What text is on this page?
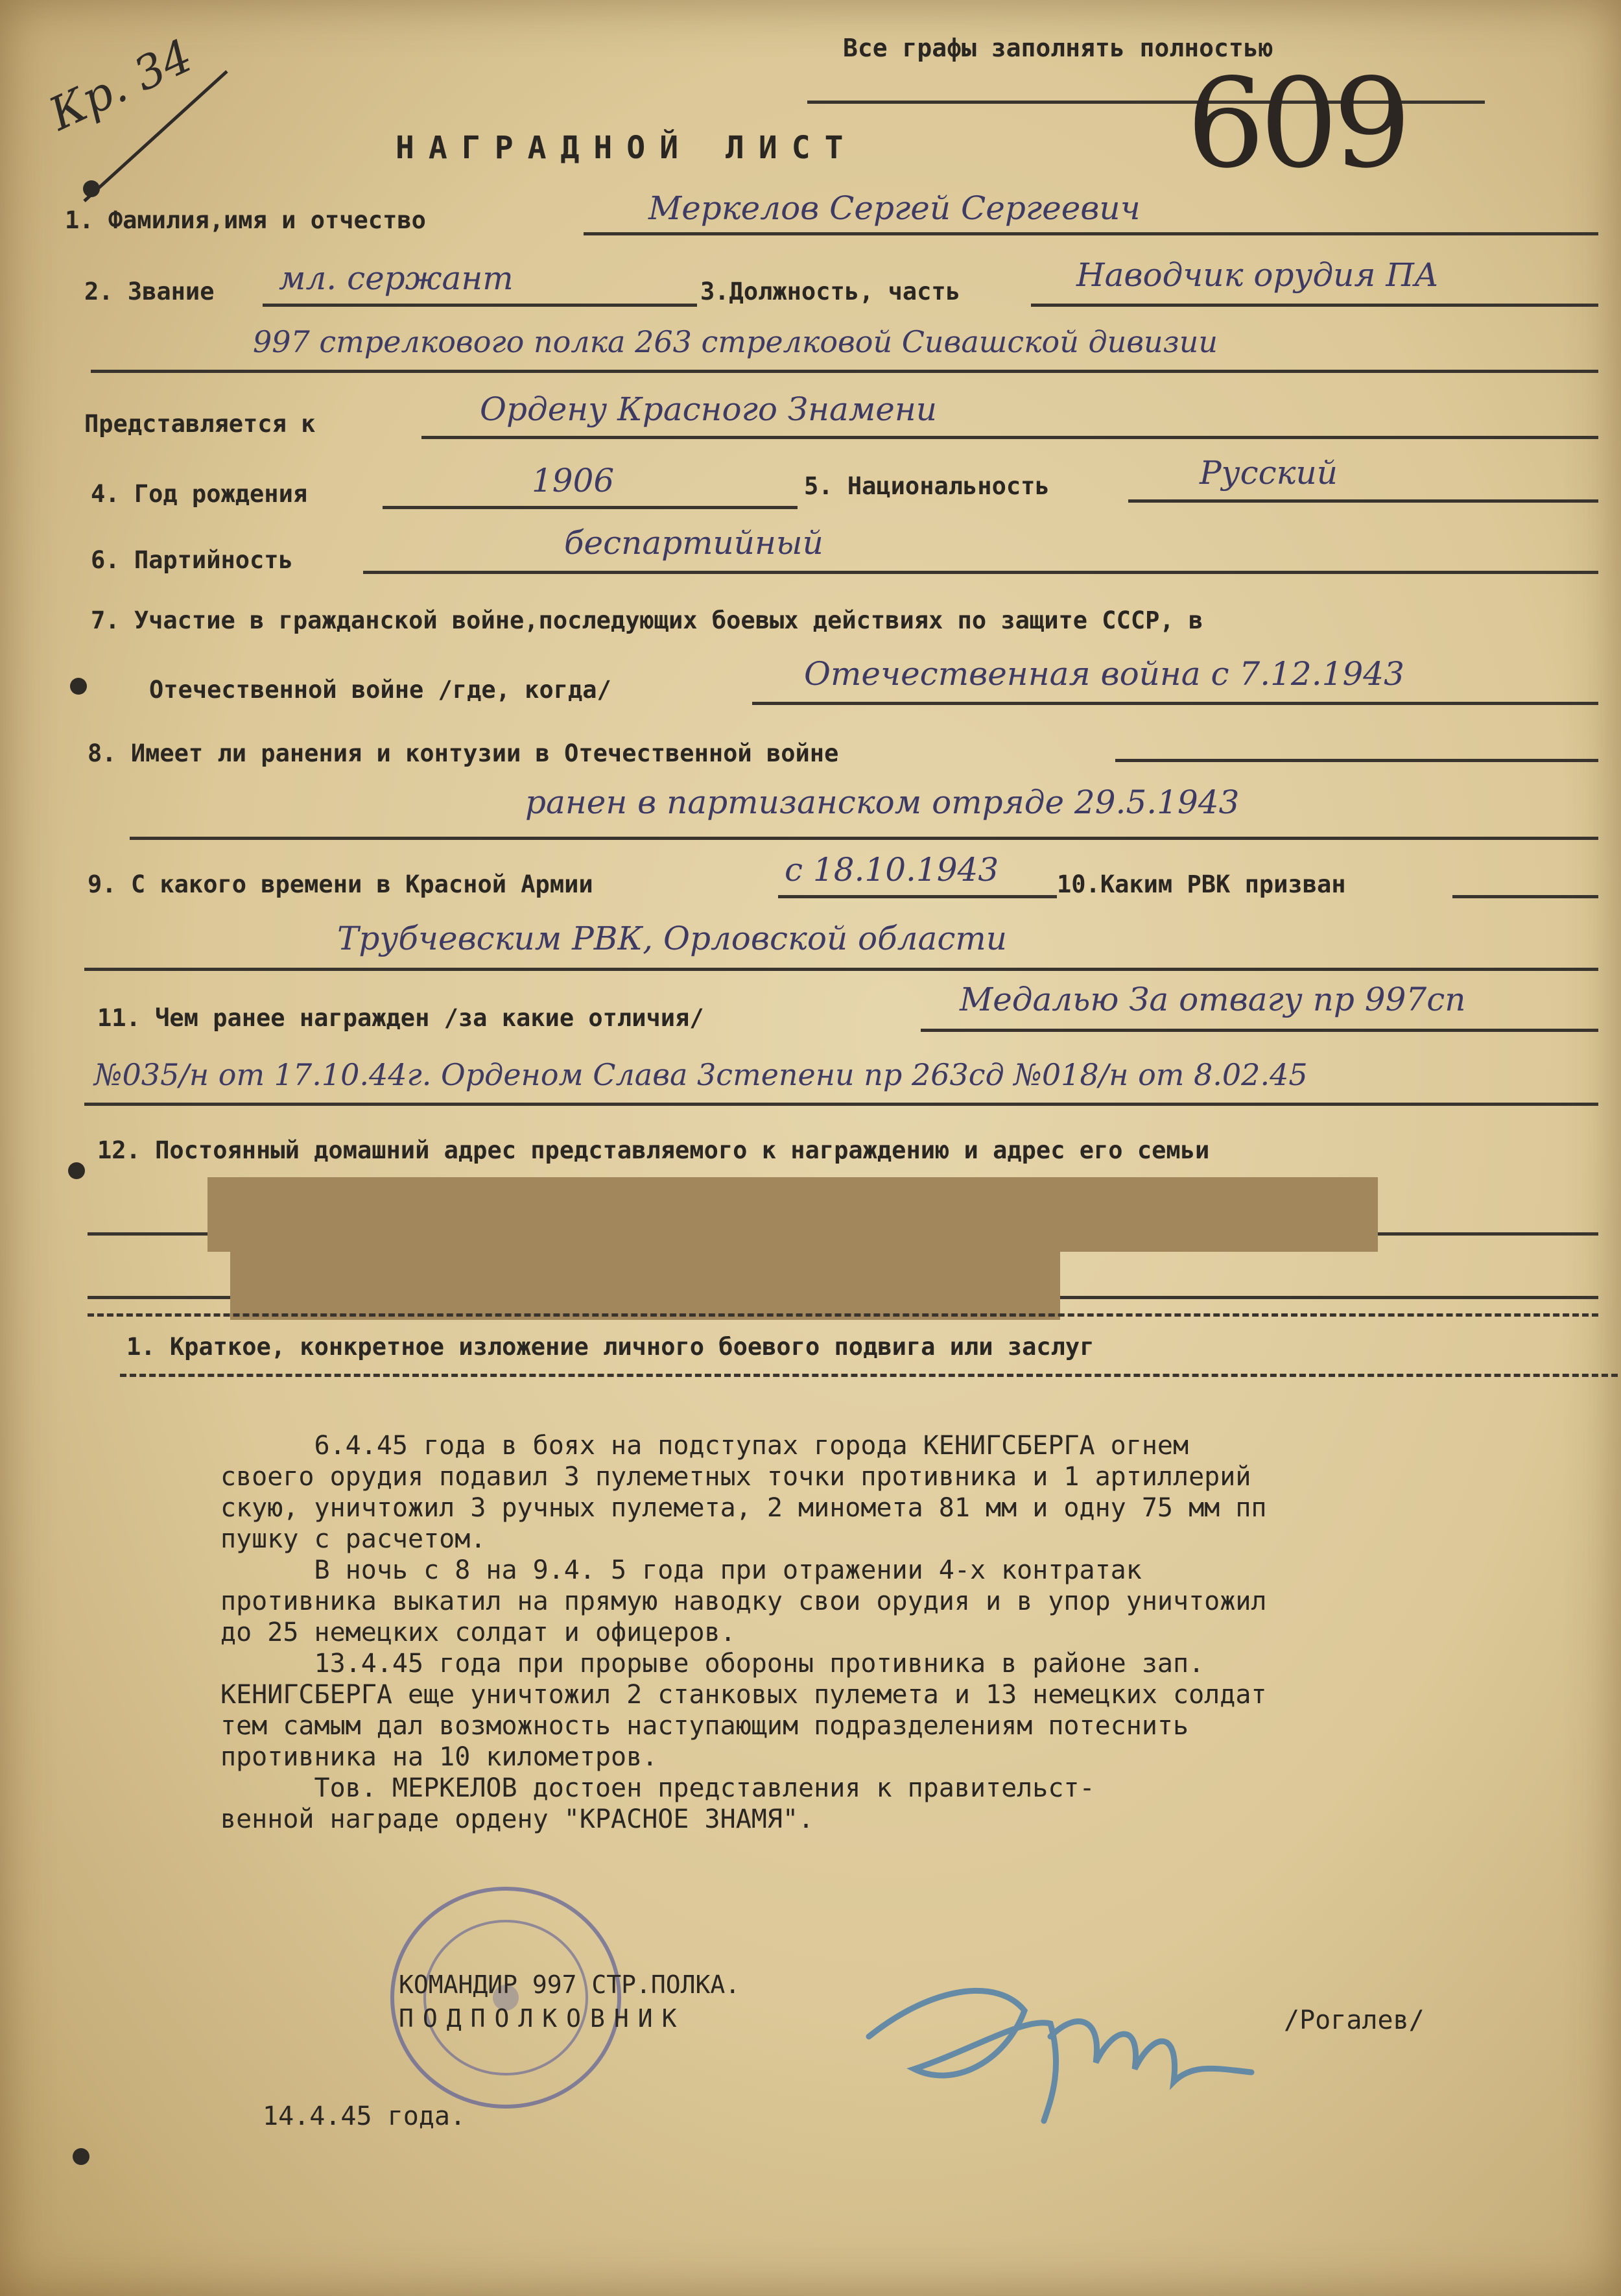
Все графы заполнять полностью
Кр. 34	609
НАГРАДНОЙ ЛИСТ
1. Фамилия,имя и отчество	Меркелов Сергей Сергеевич
2. Звание мл. сержант	3.Должность, часть	Наводчик орудия ПА
997 стрелкового полка 263 стрелковой Сивашской дивизии
Представляется к	Ордену Красного Знамени
4. Год рождения	1906	5. Национальность	Русский
6. Партийность	беспартийный
7. Участие в гражданской войне,последующих боевых действиях по защите СССР, в
Отечественной войне /где, когда/	Отечественная война с 7.12.1943
8. Имеет ли ранения и контузии в Отечественной войне
ранен в партизанском отряде 29.5.1943
9. С какого времени в Красной Армии	с 18.10.1943 10.Каким РВК призван
Трубчевским РВК, Орловской области
11. Чем ранее награжден /за какие отличия/	Медалью За отвагу пр 997сп
№035/н от 17.10.44г. Орденом Слава 3степени пр 263сд №018/н от 8.02.45
12. Постоянный домашний адрес представляемого к награждению и адрес его семьи
1. Краткое, конкретное изложение личного боевого подвига или заслуг
6.4.45 года в боях на подступах города КЕНИГСБЕРГА огнем
своего орудия подавил 3 пулеметных точки противника и 1 артиллерий
скую, уничтожил 3 ручных пулемета, 2 миномета 81 мм и одну 75 мм пп
пушку с расчетом.
В ночь с 8 на 9.4. 5 года при отражении 4-х контратак
противника выкатил на прямую наводку свои орудия и в упор уничтожил
до 25 немецких солдат и офицеров.
13.4.45 года при прорыве обороны противника в районе зап.
КЕНИГСБЕРГА еще уничтожил 2 станковых пулемета и 13 немецких солдат
тем самым дал возможность наступающим подразделениям потеснить
противника на 10 километров.
Тов. МЕРКЕЛОВ достоен представления к правительст-
венной награде ордену "КРАСНОЕ ЗНАМЯ".
КОМАНДИР 997 СТР.ПОЛКА.
ПОДПОЛКОВНИК	/Рогалев/
14.4.45 года.
